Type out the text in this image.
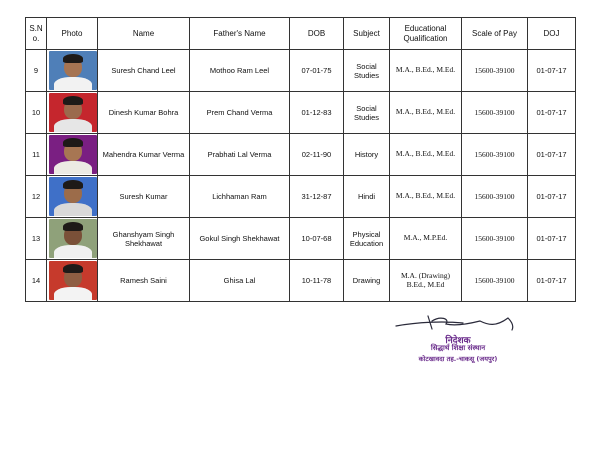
S.N o.	Photo	Name	Father's Name	DOB	Subject	Educational Qualification	Scale of Pay	DOJ
9		Suresh Chand Leel	Mothoo Ram Leel	07-01-75	Social Studies	M.A., B.Ed., M.Ed.	15600-39100	01-07-17
10		Dinesh Kumar Bohra	Prem Chand Verma	01-12-83	Social Studies	M.A., B.Ed., M.Ed.	15600-39100	01-07-17
11		Mahendra Kumar Verma	Prabhati Lal Verma	02-11-90	History	M.A., B.Ed., M.Ed.	15600-39100	01-07-17
12		Suresh Kumar	Lichhaman Ram	31-12-87	Hindi	M.A., B.Ed., M.Ed.	15600-39100	01-07-17
13		Ghanshyam Singh Shekhawat	Gokul Singh Shekhawat	10-07-68	Physical Education	M.A., M.P.Ed.	15600-39100	01-07-17
14		Ramesh Saini	Ghisa Lal	10-11-78	Drawing	M.A. (Drawing) B.Ed., M.Ed	15600-39100	01-07-17
निदेशक
सिद्धार्थ शिक्षा संस्थान
कोटखावदा तह.-चाकसू (जयपुर)
